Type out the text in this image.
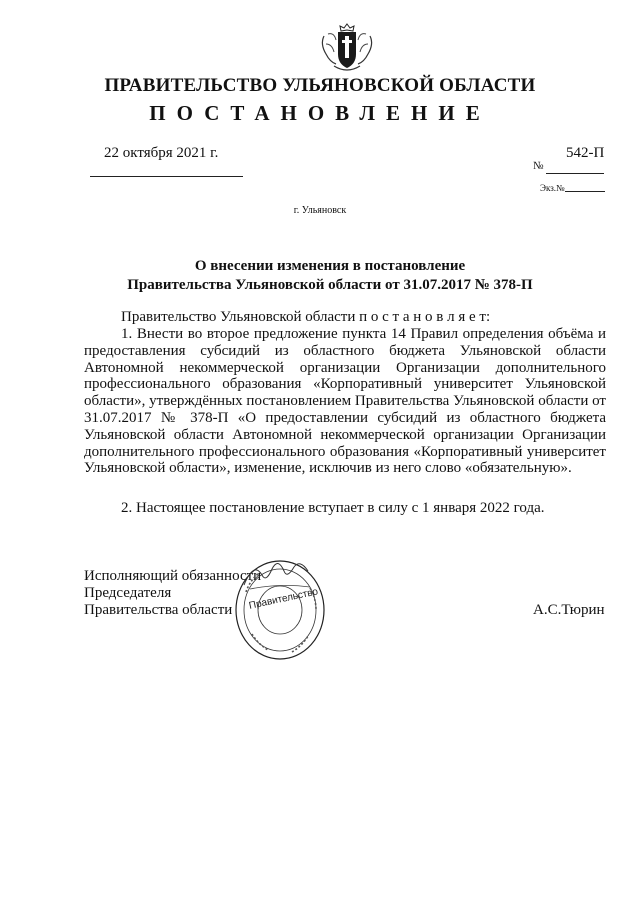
ПРАВИТЕЛЬСТВО УЛЬЯНОВСКОЙ ОБЛАСТИ
ПОСТАНОВЛЕНИЕ
22 октября 2021 г.
№
542-П
Экз.№
г. Ульяновск
О внесении изменения в постановление
Правительства Ульяновской области от 31.07.2017 № 378-П
Правительство Ульяновской области п о с т а н о в л я е т:
1. Внести во второе предложение пункта 14 Правил определения объёма и предоставления субсидий из областного бюджета Ульяновской области Автономной некоммерческой организации Организации дополнительного профессионального образования «Корпоративный университет Ульяновской области», утверждённых постановлением Правительства Ульяновской области от 31.07.2017 № 378-П «О предоставлении субсидий из областного бюджета Ульяновской области Автономной некоммерческой организации Организации дополнительного профессионального образования «Корпоративный университет Ульяновской области», изменение, исключив из него слово «обязательную».
2. Настоящее постановление вступает в силу с 1 января 2022 года.
Исполняющий обязанности
Председателя
Правительства области	А.С.Тюрин
Правительство
